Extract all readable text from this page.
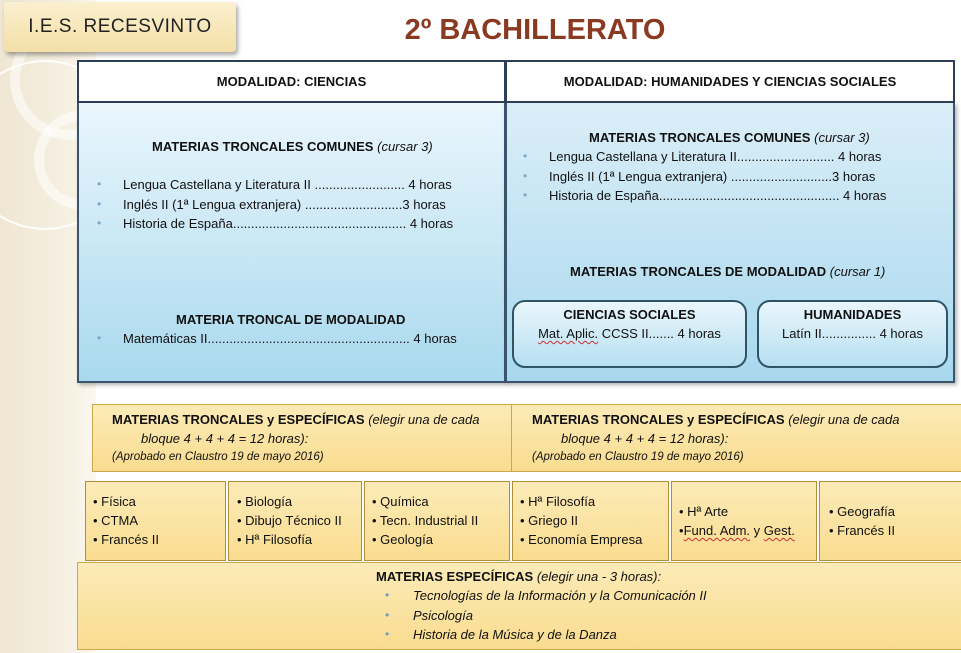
I.E.S. RECESVINTO	2º BACHILLERATO
MODALIDAD: CIENCIAS	MODALIDAD: HUMANIDADES Y CIENCIAS SOCIALES
MATERIAS TRONCALES COMUNES (cursar 3)
• Lengua Castellana y Literatura II ......................... 4 horas
• Inglés II (1ª Lengua extranjera) ...........................3 horas
• Historia de España................................................ 4 horas
MATERIA TRONCAL DE MODALIDAD
• Matemáticas II........................................................ 4 horas
MATERIAS TRONCALES COMUNES (cursar 3)
• Lengua Castellana y Literatura II........................... 4 horas
• Inglés II (1ª Lengua extranjera) ............................3 horas
• Historia de España.................................................. 4 horas
MATERIAS TRONCALES DE MODALIDAD (cursar 1)
CIENCIAS SOCIALES
Mat. Aplic. CCSS II....... 4 horas
HUMANIDADES
Latín II............... 4 horas
MATERIAS TRONCALES y ESPECÍFICAS (elegir una de cada
bloque 4 + 4 + 4 = 12 horas):
(Aprobado en Claustro 19 de mayo 2016)
MATERIAS TRONCALES y ESPECÍFICAS (elegir una de cada
bloque 4 + 4 + 4 = 12 horas):
(Aprobado en Claustro 19 de mayo 2016)
• Física
• CTMA
• Francés II
• Biología
• Dibujo Técnico II
• Hª Filosofía
• Química
• Tecn. Industrial II
• Geología
• Hª Filosofía
• Griego II
• Economía Empresa
• Hª Arte
•Fund. Adm. y Gest.
• Geografía
• Francés II
MATERIAS ESPECÍFICAS (elegir una - 3 horas):
• Tecnologías de la Información y la Comunicación II
• Psicología
• Historia de la Música y de la Danza
